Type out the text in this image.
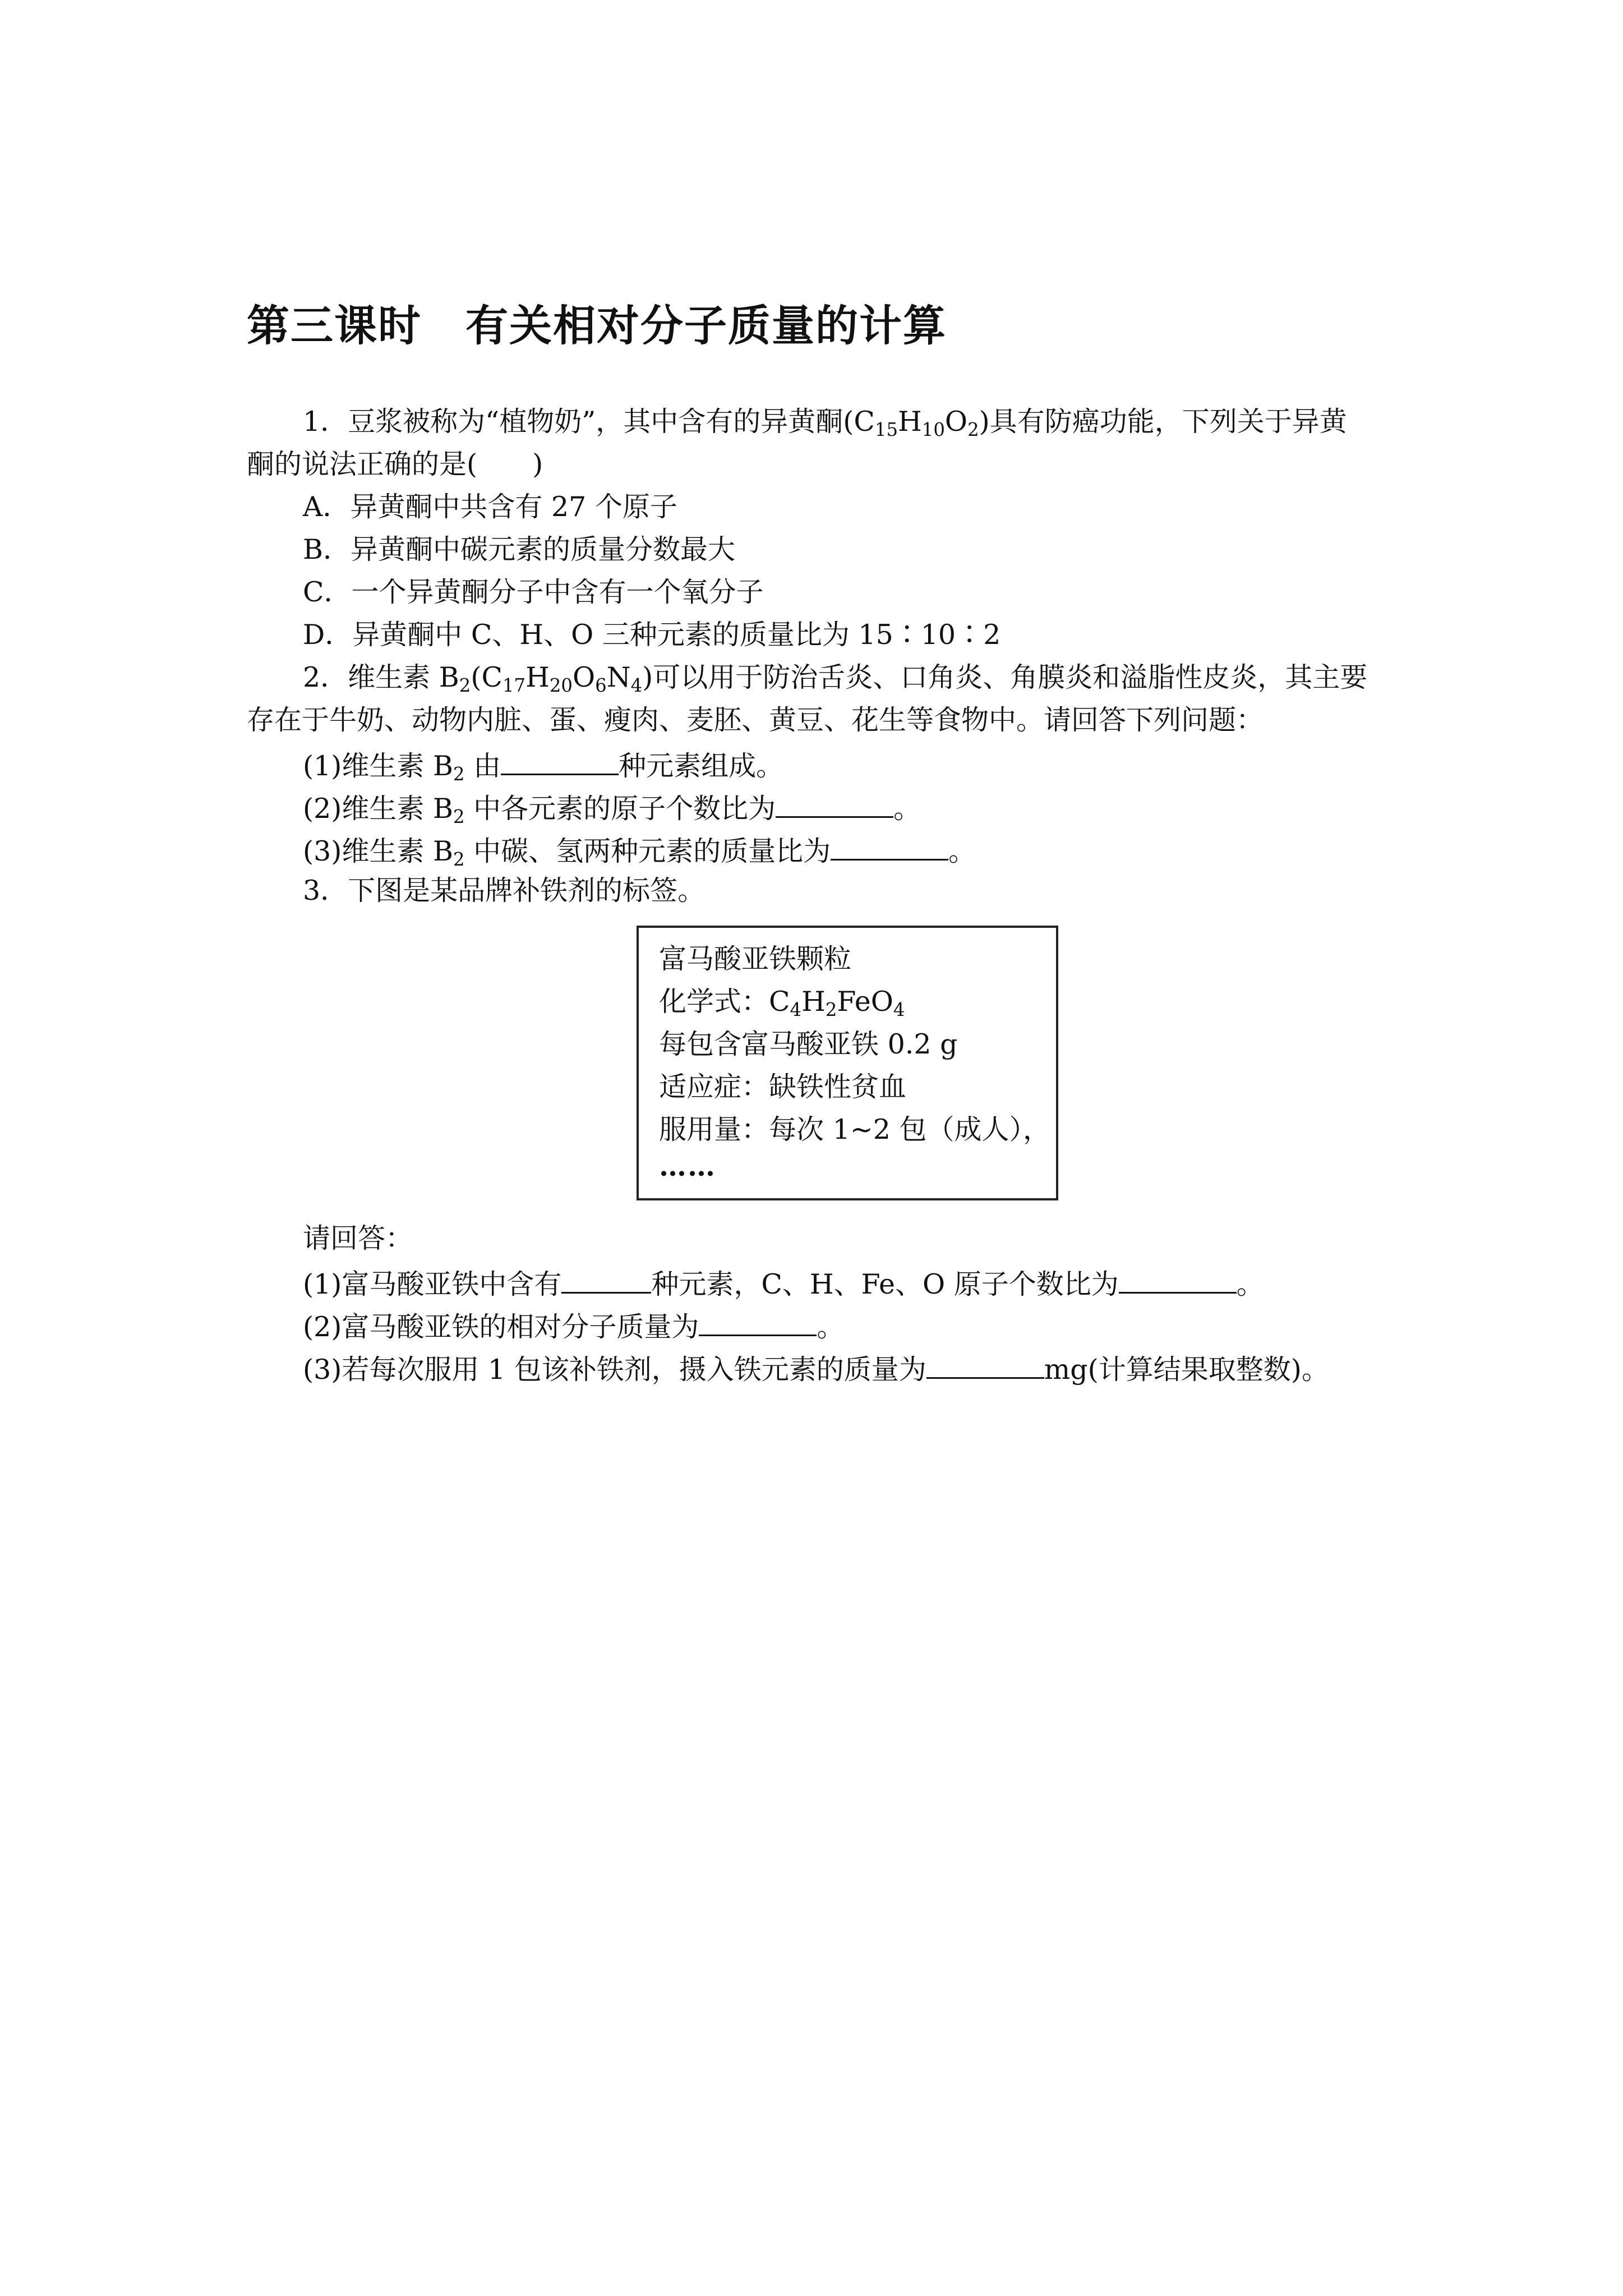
第三课时　有关相对分子质量的计算
1．豆浆被称为“植物奶”，其中含有的异黄酮$(C_{15}H_{10}O_2)$具有防癌功能，下列关于异黄
酮的说法正确的是(　　)
A．异黄酮中共含有 27 个原子
B．异黄酮中碳元素的质量分数最大
C．一个异黄酮分子中含有一个氧分子
D．异黄酮中 C、H、O 三种元素的质量比为 15∶10∶2
2．维生素 $B_2(C_{17}H_{20}O_6N_4)$可以用于防治舌炎、口角炎、角膜炎和溢脂性皮炎，其主要
存在于牛奶、动物内脏、蛋、瘦肉、麦胚、黄豆、花生等食物中。请回答下列问题：
(1)维生素 $B_2$ 由	种元素组成。
(2)维生素 $B_2$ 中各元素的原子个数比为	。
(3)维生素 $B_2$ 中碳、氢两种元素的质量比为	。
3．下图是某品牌补铁剂的标签。
富马酸亚铁颗粒
化学式：$C_4H_2FeO_4$
每包含富马酸亚铁 0.2 g
适应症：缺铁性贫血
服用量：每次 1~2 包（成人），
……
请回答：
(1)富马酸亚铁中含有	种元素，C、H、Fe、O 原子个数比为	。
(2)富马酸亚铁的相对分子质量为	。
(3)若每次服用 1 包该补铁剂，摄入铁元素的质量为	mg(计算结果取整数)。
